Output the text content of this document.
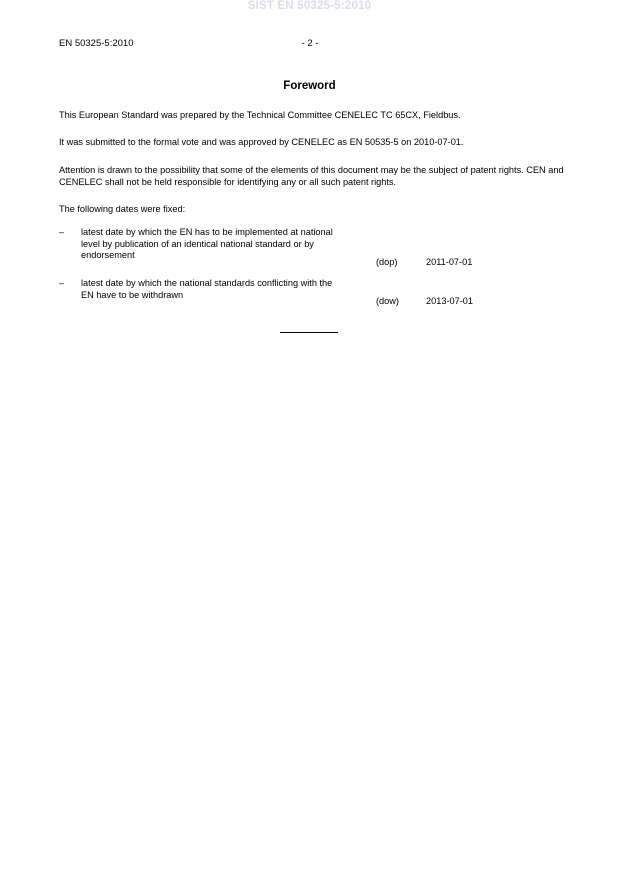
SIST EN 50325-5:2010
EN 50325-5:2010	- 2 -
Foreword
This European Standard was prepared by the Technical Committee CENELEC TC 65CX, Fieldbus.
It was submitted to the formal vote and was approved by CENELEC as EN 50535-5 on 2010-07-01.
Attention is drawn to the possibility that some of the elements of this document may be the subject of patent rights. CEN and CENELEC shall not be held responsible for identifying any or all such patent rights.
The following dates were fixed:
– latest date by which the EN has to be implemented at national level by publication of an identical national standard or by endorsement
(dop)	2011-07-01
– latest date by which the national standards conflicting with the EN have to be withdrawn
(dow)	2013-07-01
